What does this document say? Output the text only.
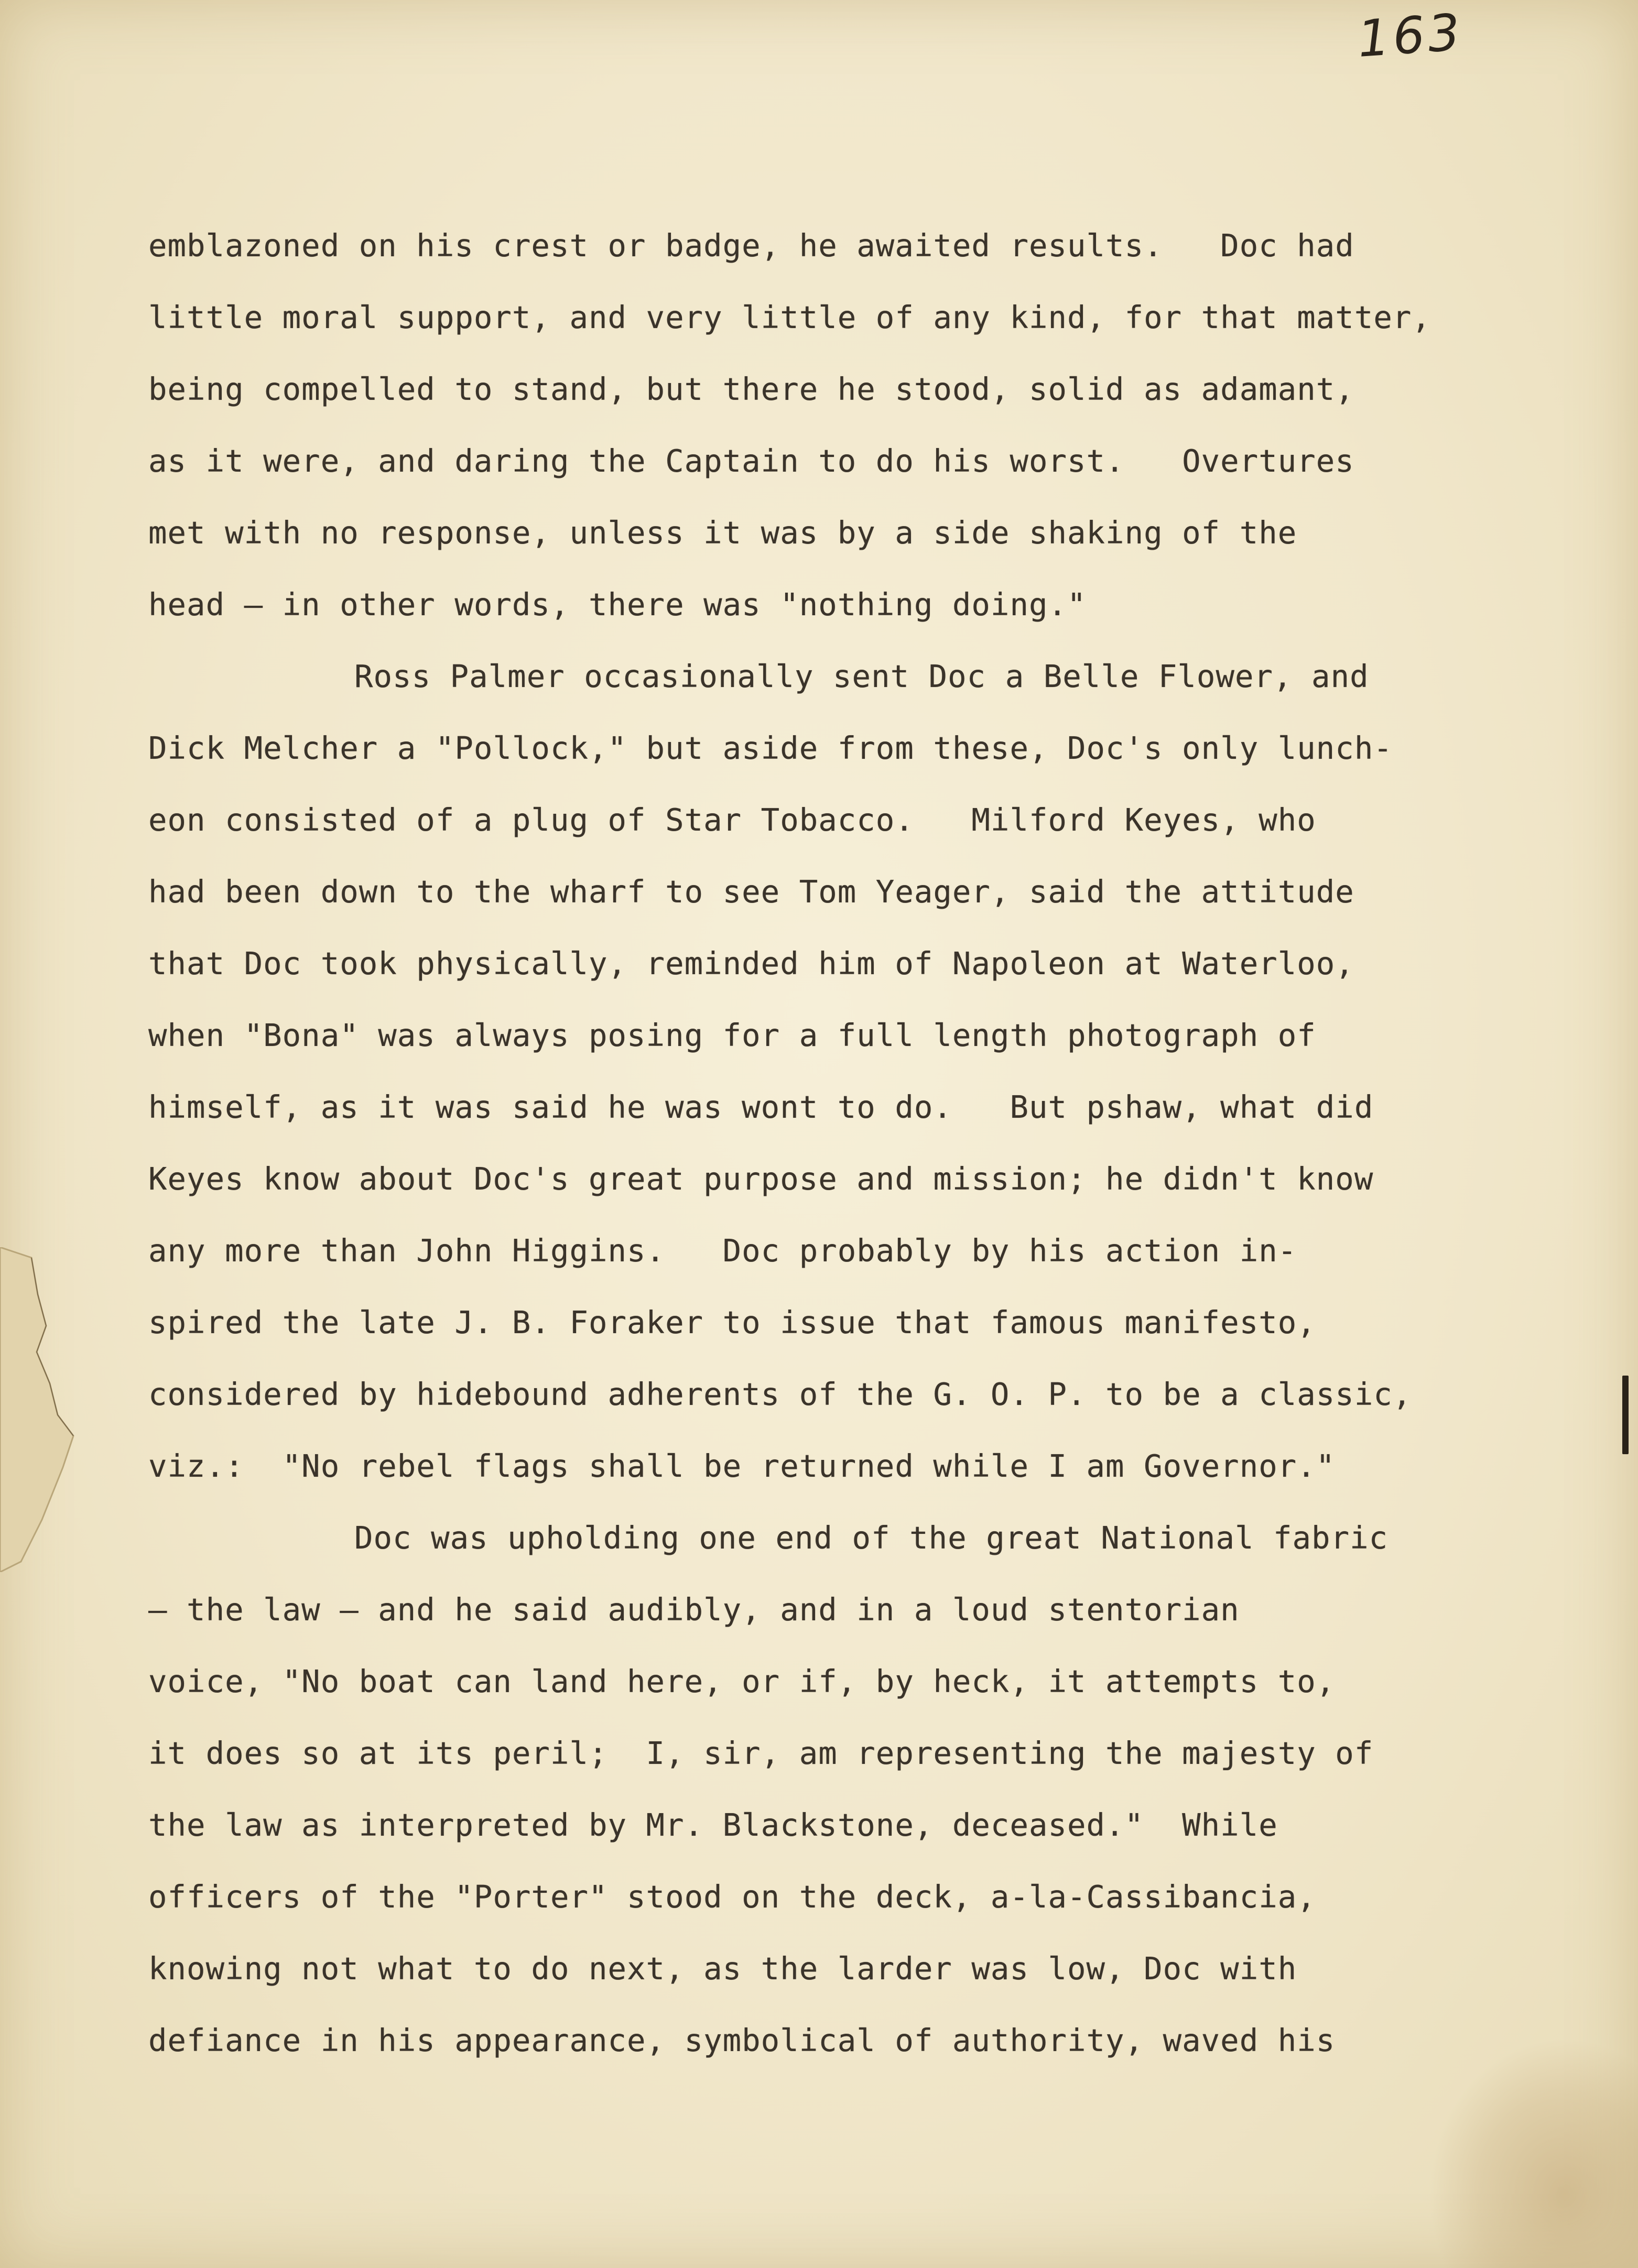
163
emblazoned on his crest or badge, he awaited results.   Doc had
little moral support, and very little of any kind, for that matter,
being compelled to stand, but there he stood, solid as adamant,
as it were, and daring the Captain to do his worst.   Overtures
met with no response, unless it was by a side shaking of the
head — in other words, there was "nothing doing."
Ross Palmer occasionally sent Doc a Belle Flower, and
Dick Melcher a "Pollock," but aside from these, Doc's only lunch-
eon consisted of a plug of Star Tobacco.   Milford Keyes, who
had been down to the wharf to see Tom Yeager, said the attitude
that Doc took physically, reminded him of Napoleon at Waterloo,
when "Bona" was always posing for a full length photograph of
himself, as it was said he was wont to do.   But pshaw, what did
Keyes know about Doc's great purpose and mission; he didn't know
any more than John Higgins.   Doc probably by his action in-
spired the late J. B. Foraker to issue that famous manifesto,
considered by hidebound adherents of the G. O. P. to be a classic,
viz.:  "No rebel flags shall be returned while I am Governor."
Doc was upholding one end of the great National fabric
— the law — and he said audibly, and in a loud stentorian
voice, "No boat can land here, or if, by heck, it attempts to,
it does so at its peril;  I, sir, am representing the majesty of
the law as interpreted by Mr. Blackstone, deceased."  While
officers of the "Porter" stood on the deck, a-la-Cassibancia,
knowing not what to do next, as the larder was low, Doc with
defiance in his appearance, symbolical of authority, waved his
